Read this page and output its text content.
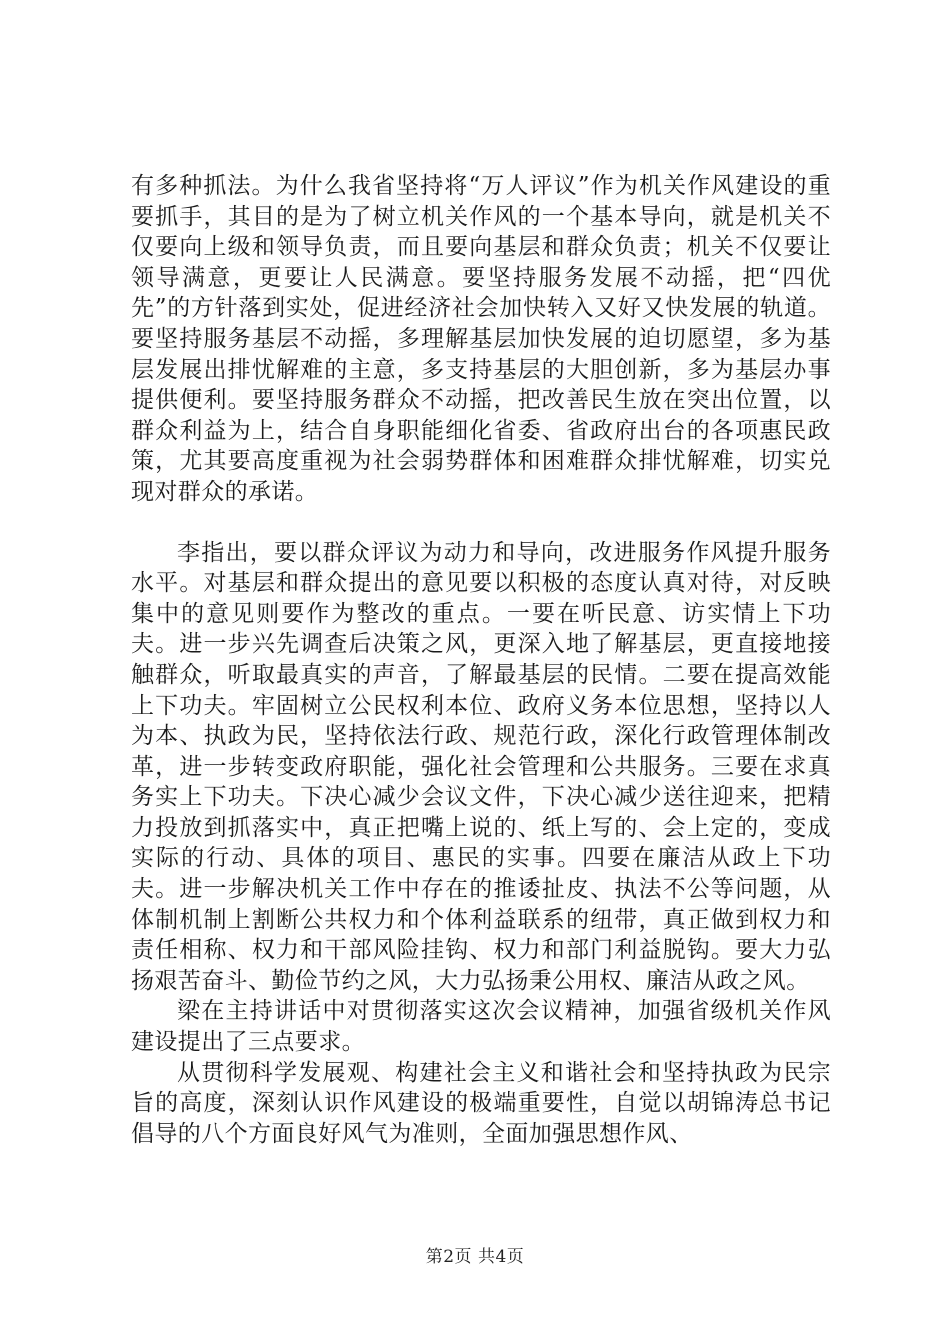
有多种抓法。为什么我省坚持将“万人评议”作为机关作风建设的重要抓手，其目的是为了树立机关作风的一个基本导向，就是机关不仅要向上级和领导负责，而且要向基层和群众负责；机关不仅要让领导满意，更要让人民满意。要坚持服务发展不动摇，把“四优先”的方针落到实处，促进经济社会加快转入又好又快发展的轨道。要坚持服务基层不动摇，多理解基层加快发展的迫切愿望，多为基层发展出排忧解难的主意，多支持基层的大胆创新，多为基层办事提供便利。要坚持服务群众不动摇，把改善民生放在突出位置，以群众利益为上，结合自身职能细化省委、省政府出台的各项惠民政策，尤其要高度重视为社会弱势群体和困难群众排忧解难，切实兑现对群众的承诺。

李指出，要以群众评议为动力和导向，改进服务作风提升服务水平。对基层和群众提出的意见要以积极的态度认真对待，对反映集中的意见则要作为整改的重点。一要在听民意、访实情上下功夫。进一步兴先调查后决策之风，更深入地了解基层，更直接地接触群众，听取最真实的声音，了解最基层的民情。二要在提高效能上下功夫。牢固树立公民权利本位、政府义务本位思想，坚持以人为本、执政为民，坚持依法行政、规范行政，深化行政管理体制改革，进一步转变政府职能，强化社会管理和公共服务。三要在求真务实上下功夫。下决心减少会议文件，下决心减少送往迎来，把精力投放到抓落实中，真正把嘴上说的、纸上写的、会上定的，变成实际的行动、具体的项目、惠民的实事。四要在廉洁从政上下功夫。进一步解决机关工作中存在的推诿扯皮、执法不公等问题，从体制机制上割断公共权力和个体利益联系的纽带，真正做到权力和责任相称、权力和干部风险挂钩、权力和部门利益脱钩。要大力弘扬艰苦奋斗、勤俭节约之风，大力弘扬秉公用权、廉洁从政之风。

梁在主持讲话中对贯彻落实这次会议精神，加强省级机关作风建设提出了三点要求。

从贯彻科学发展观、构建社会主义和谐社会和坚持执政为民宗旨的高度，深刻认识作风建设的极端重要性，自觉以胡锦涛总书记倡导的八个方面良好风气为准则，全面加强思想作风、

第2页 共4页
